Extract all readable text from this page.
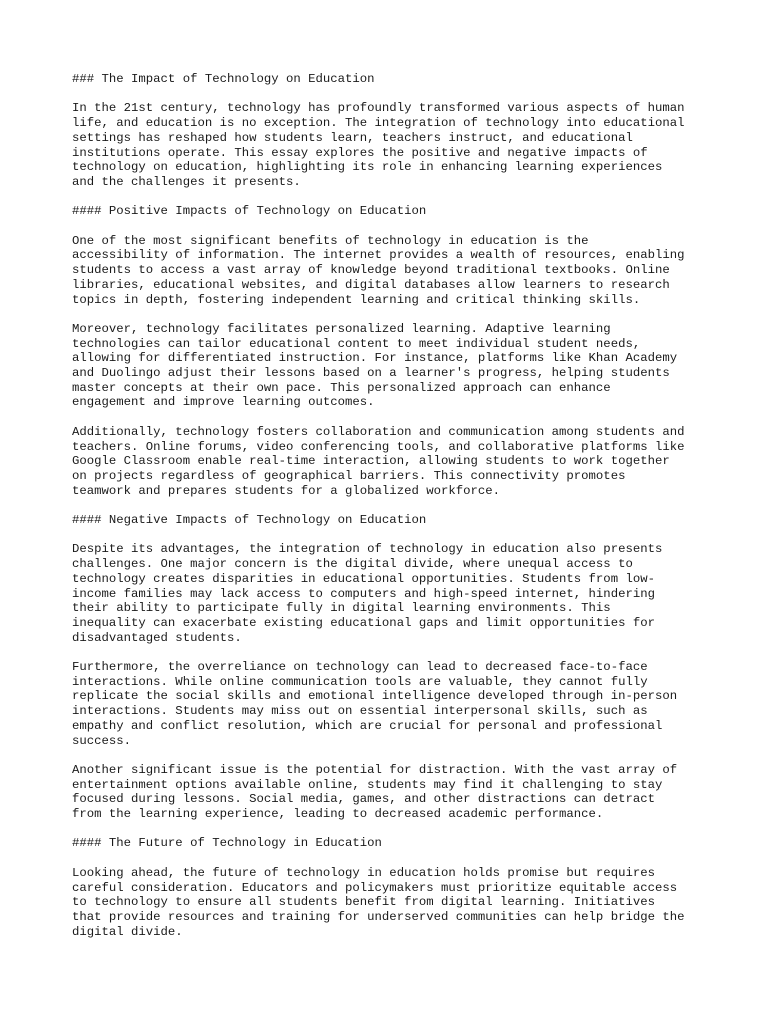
### The Impact of Technology on Education
In the 21st century, technology has profoundly transformed various aspects of human
life, and education is no exception. The integration of technology into educational
settings has reshaped how students learn, teachers instruct, and educational
institutions operate. This essay explores the positive and negative impacts of
technology on education, highlighting its role in enhancing learning experiences
and the challenges it presents.
#### Positive Impacts of Technology on Education
One of the most significant benefits of technology in education is the
accessibility of information. The internet provides a wealth of resources, enabling
students to access a vast array of knowledge beyond traditional textbooks. Online
libraries, educational websites, and digital databases allow learners to research
topics in depth, fostering independent learning and critical thinking skills.
Moreover, technology facilitates personalized learning. Adaptive learning
technologies can tailor educational content to meet individual student needs,
allowing for differentiated instruction. For instance, platforms like Khan Academy
and Duolingo adjust their lessons based on a learner's progress, helping students
master concepts at their own pace. This personalized approach can enhance
engagement and improve learning outcomes.
Additionally, technology fosters collaboration and communication among students and
teachers. Online forums, video conferencing tools, and collaborative platforms like
Google Classroom enable real-time interaction, allowing students to work together
on projects regardless of geographical barriers. This connectivity promotes
teamwork and prepares students for a globalized workforce.
#### Negative Impacts of Technology on Education
Despite its advantages, the integration of technology in education also presents
challenges. One major concern is the digital divide, where unequal access to
technology creates disparities in educational opportunities. Students from low-
income families may lack access to computers and high-speed internet, hindering
their ability to participate fully in digital learning environments. This
inequality can exacerbate existing educational gaps and limit opportunities for
disadvantaged students.
Furthermore, the overreliance on technology can lead to decreased face-to-face
interactions. While online communication tools are valuable, they cannot fully
replicate the social skills and emotional intelligence developed through in-person
interactions. Students may miss out on essential interpersonal skills, such as
empathy and conflict resolution, which are crucial for personal and professional
success.
Another significant issue is the potential for distraction. With the vast array of
entertainment options available online, students may find it challenging to stay
focused during lessons. Social media, games, and other distractions can detract
from the learning experience, leading to decreased academic performance.
#### The Future of Technology in Education
Looking ahead, the future of technology in education holds promise but requires
careful consideration. Educators and policymakers must prioritize equitable access
to technology to ensure all students benefit from digital learning. Initiatives
that provide resources and training for underserved communities can help bridge the
digital divide.
